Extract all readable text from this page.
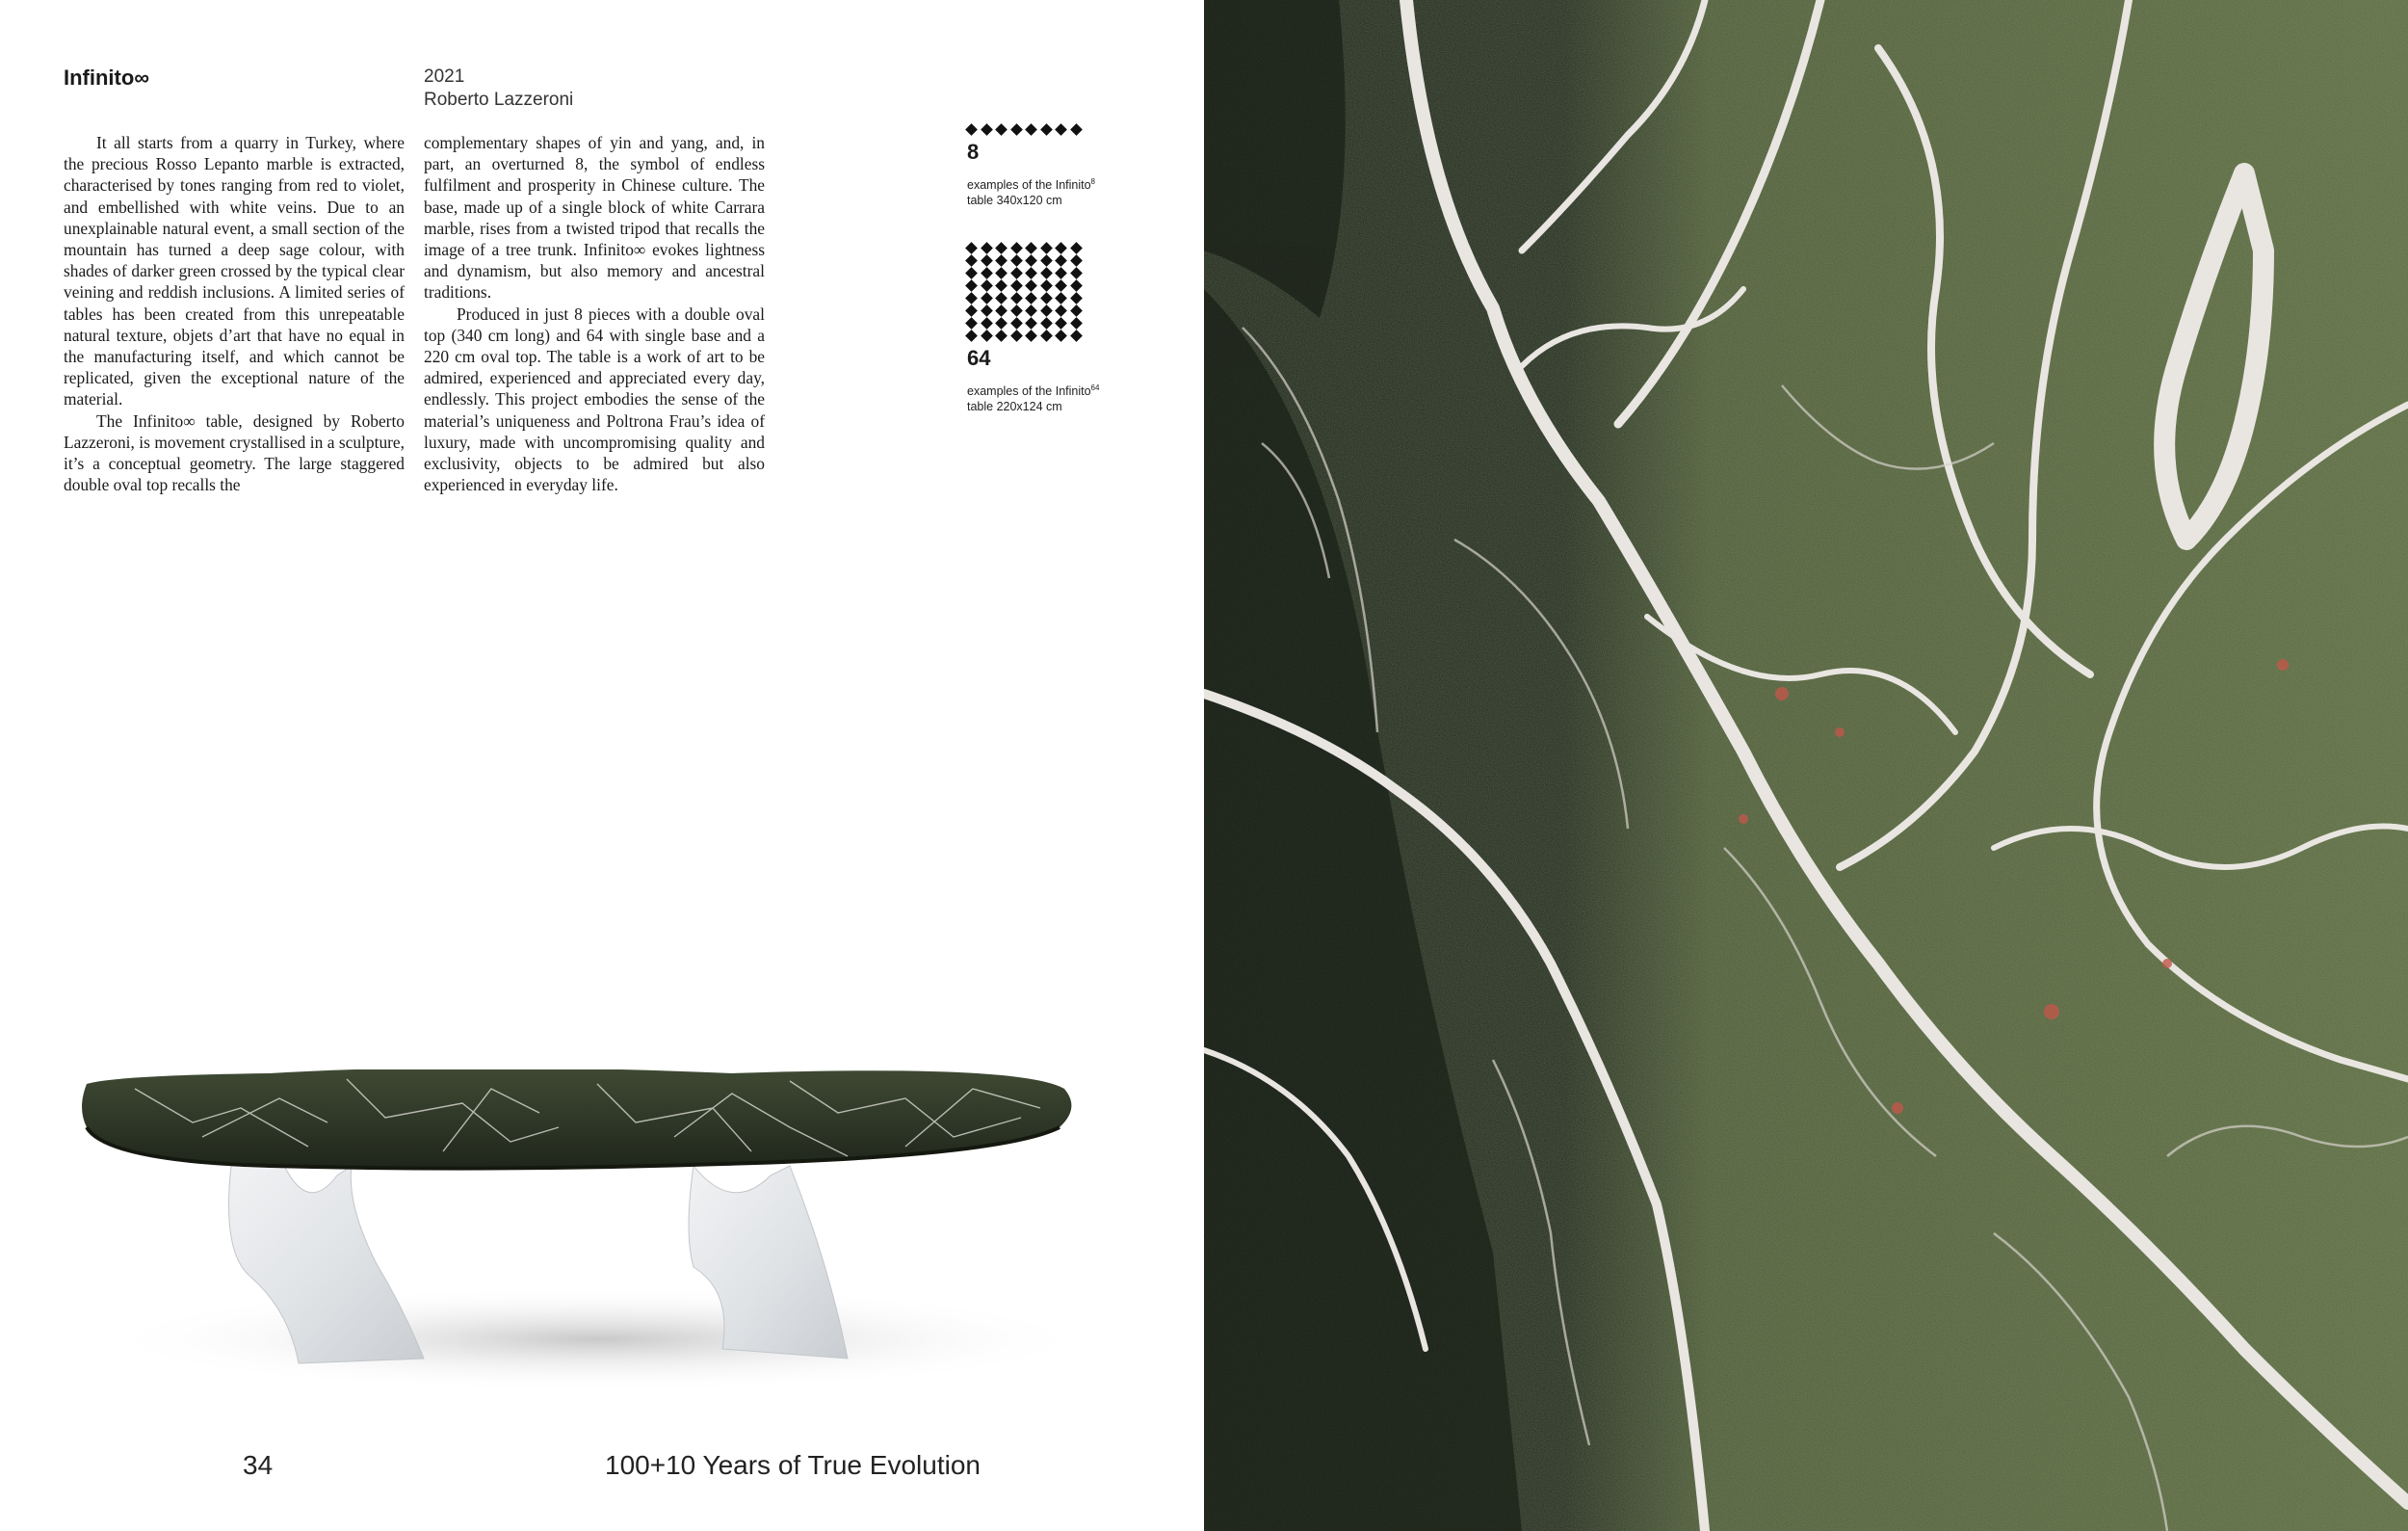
Infinito∞	2021
Roberto Lazzeroni

It all starts from a quarry in Turkey, where the precious Rosso Lepanto marble is extracted, characterised by tones ranging from red to violet, and embellished with white veins. Due to an unexplainable natural event, a small section of the mountain has turned a deep sage colour, with shades of darker green crossed by the typical clear veining and reddish inclusions. A limited series of tables has been created from this unrepeatable natural texture, objets d’art that have no equal in the manufacturing itself, and which cannot be replicated, given the exceptional nature of the material.

The Infinito∞ table, designed by Roberto Lazzeroni, is movement crystallised in a sculpture, it’s a conceptual geometry. The large staggered double oval top recalls the

complementary shapes of yin and yang, and, in part, an overturned 8, the symbol of endless fulfilment and prosperity in Chinese culture. The base, made up of a single block of white Carrara marble, rises from a twisted tripod that recalls the image of a tree trunk. Infinito∞ evokes lightness and dynamism, but also memory and ancestral traditions.

Produced in just 8 pieces with a double oval top (340 cm long) and 64 with single base and a 220 cm oval top. The table is a work of art to be admired, experienced and appreciated every day, endlessly. This project embodies the sense of the material’s uniqueness and Poltrona Frau’s idea of luxury, made with uncompromising quality and exclusivity, objects to be admired but also experienced in everyday life.

8
examples of the Infinito$^8$
table 340x120 cm
64
examples of the Infinito$^{64}$
table 220x124 cm
34	100+10 Years of True Evolution
